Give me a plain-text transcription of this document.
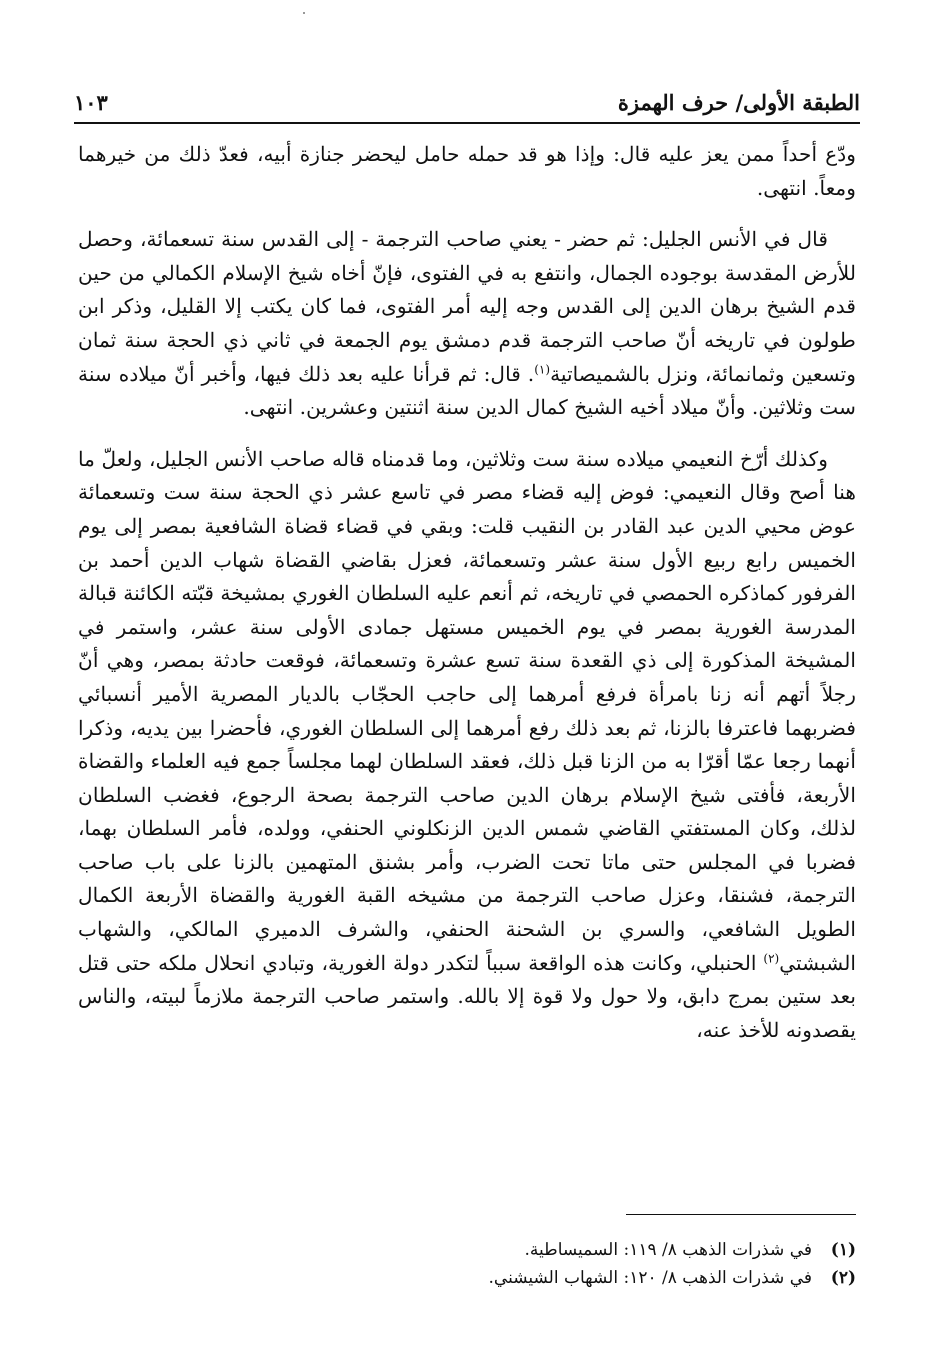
الطبقة الأولى/ حرف الهمزة
١٠٣

ودّع أحداً ممن يعز عليه قال: وإذا هو قد حمله حامل ليحضر جنازة أبيه، فعدّ ذلك من خيرهما ومعاً. انتهى.

قال في الأنس الجليل: ثم حضر - يعني صاحب الترجمة - إلى القدس سنة تسعمائة، وحصل للأرض المقدسة بوجوده الجمال، وانتفع به في الفتوى، فإنّ أخاه شيخ الإسلام الكمالي من حين قدم الشيخ برهان الدين إلى القدس وجه إليه أمر الفتوى، فما كان يكتب إلا القليل، وذكر ابن طولون في تاريخه أنّ صاحب الترجمة قدم دمشق يوم الجمعة في ثاني ذي الحجة سنة ثمان وتسعين وثمانمائة، ونزل بالشميصاتية$^{(١)}$. قال: ثم قرأنا عليه بعد ذلك فيها، وأخبر أنّ ميلاده سنة ست وثلاثين. وأنّ ميلاد أخيه الشيخ كمال الدين سنة اثنتين وعشرين. انتهى.

وكذلك أرّخ النعيمي ميلاده سنة ست وثلاثين، وما قدمناه قاله صاحب الأنس الجليل، ولعلّ ما هنا أصح وقال النعيمي: فوض إليه قضاء مصر في تاسع عشر ذي الحجة سنة ست وتسعمائة عوض محيي الدين عبد القادر بن النقيب قلت: وبقي في قضاء قضاة الشافعية بمصر إلى يوم الخميس رابع ربيع الأول سنة عشر وتسعمائة، فعزل بقاضي القضاة شهاب الدين أحمد بن الفرفور كماذكره الحمصي في تاريخه، ثم أنعم عليه السلطان الغوري بمشيخة قبّته الكائنة قبالة المدرسة الغورية بمصر في يوم الخميس مستهل جمادى الأولى سنة عشر، واستمر في المشيخة المذكورة إلى ذي القعدة سنة تسع عشرة وتسعمائة، فوقعت حادثة بمصر، وهي أنّ رجلاً أتهم أنه زنا بامرأة فرفع أمرهما إلى حاجب الحجّاب بالديار المصرية الأمير أنسبائي فضربهما فاعترفا بالزنا، ثم بعد ذلك رفع أمرهما إلى السلطان الغوري، فأحضرا بين يديه، وذكرا أنهما رجعا عمّا أقرّا به من الزنا قبل ذلك، فعقد السلطان لهما مجلساً جمع فيه العلماء والقضاة الأربعة، فأفتى شيخ الإسلام برهان الدين صاحب الترجمة بصحة الرجوع، فغضب السلطان لذلك، وكان المستفتي القاضي شمس الدين الزنكلوني الحنفي، وولده، فأمر السلطان بهما، فضربا في المجلس حتى ماتا تحت الضرب، وأمر بشنق المتهمين بالزنا على باب صاحب الترجمة، فشنقا، وعزل صاحب الترجمة من مشيخه القبة الغورية والقضاة الأربعة الكمال الطويل الشافعي، والسري بن الشحنة الحنفي، والشرف الدميري المالكي، والشهاب الشبشتي$^{(٢)}$ الحنبلي، وكانت هذه الواقعة سبباً لتكدر دولة الغورية، وتبادي انحلال ملكه حتى قتل بعد ستين بمرج دابق، ولا حول ولا قوة إلا بالله. واستمر صاحب الترجمة ملازماً لبيته، والناس يقصدونه للأخذ عنه،

(١)
في شذرات الذهب ٨/ ١١٩: السميساطية.
(٢)
في شذرات الذهب ٨/ ١٢٠: الشهاب الشيشني.
